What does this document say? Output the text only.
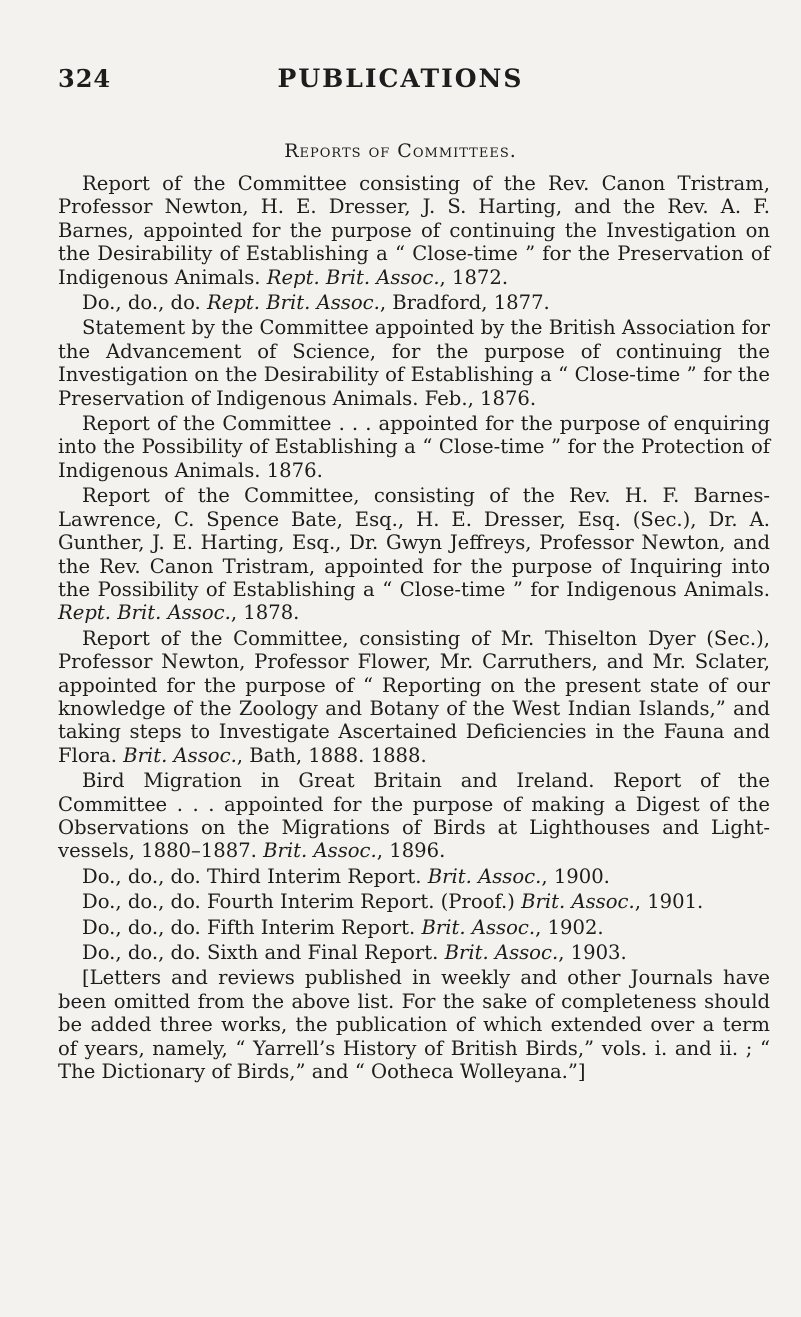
324	PUBLICATIONS
Reports of Committees.

Report of the Committee consisting of the Rev. Canon Tristram, Professor Newton, H. E. Dresser, J. S. Harting, and the Rev. A. F. Barnes, appointed for the purpose of continuing the Investigation on the Desirability of Establishing a “ Close-time ” for the Preservation of Indigenous Animals. Rept. Brit. Assoc., 1872.

Do., do., do. Rept. Brit. Assoc., Bradford, 1877.

Statement by the Committee appointed by the British Association for the Advancement of Science, for the purpose of continuing the Investigation on the Desirability of Establishing a “ Close-time ” for the Preservation of Indigenous Animals. Feb., 1876.

Report of the Committee . . . appointed for the purpose of enquiring into the Possibility of Establishing a “ Close-time ” for the Protection of Indigenous Animals. 1876.

Report of the Committee, consisting of the Rev. H. F. Barnes-Lawrence, C. Spence Bate, Esq., H. E. Dresser, Esq. (Sec.), Dr. A. Gunther, J. E. Harting, Esq., Dr. Gwyn Jeffreys, Professor Newton, and the Rev. Canon Tristram, appointed for the purpose of Inquiring into the Possibility of Establishing a “ Close-time ” for Indigenous Animals. Rept. Brit. Assoc., 1878.

Report of the Committee, consisting of Mr. Thiselton Dyer (Sec.), Professor Newton, Professor Flower, Mr. Carruthers, and Mr. Sclater, appointed for the purpose of “ Reporting on the present state of our knowledge of the Zoology and Botany of the West Indian Islands,” and taking steps to Investigate Ascertained Deficiencies in the Fauna and Flora. Brit. Assoc., Bath, 1888. 1888.

Bird Migration in Great Britain and Ireland. Report of the Committee . . . appointed for the purpose of making a Digest of the Observations on the Migrations of Birds at Lighthouses and Light-vessels, 1880–1887. Brit. Assoc., 1896.

Do., do., do. Third Interim Report. Brit. Assoc., 1900.

Do., do., do. Fourth Interim Report. (Proof.) Brit. Assoc., 1901.

Do., do., do. Fifth Interim Report. Brit. Assoc., 1902.

Do., do., do. Sixth and Final Report. Brit. Assoc., 1903.

[Letters and reviews published in weekly and other Journals have been omitted from the above list. For the sake of completeness should be added three works, the publication of which extended over a term of years, namely, “ Yarrell’s History of British Birds,” vols. i. and ii. ; “ The Dictionary of Birds,” and “ Ootheca Wolleyana.”]
